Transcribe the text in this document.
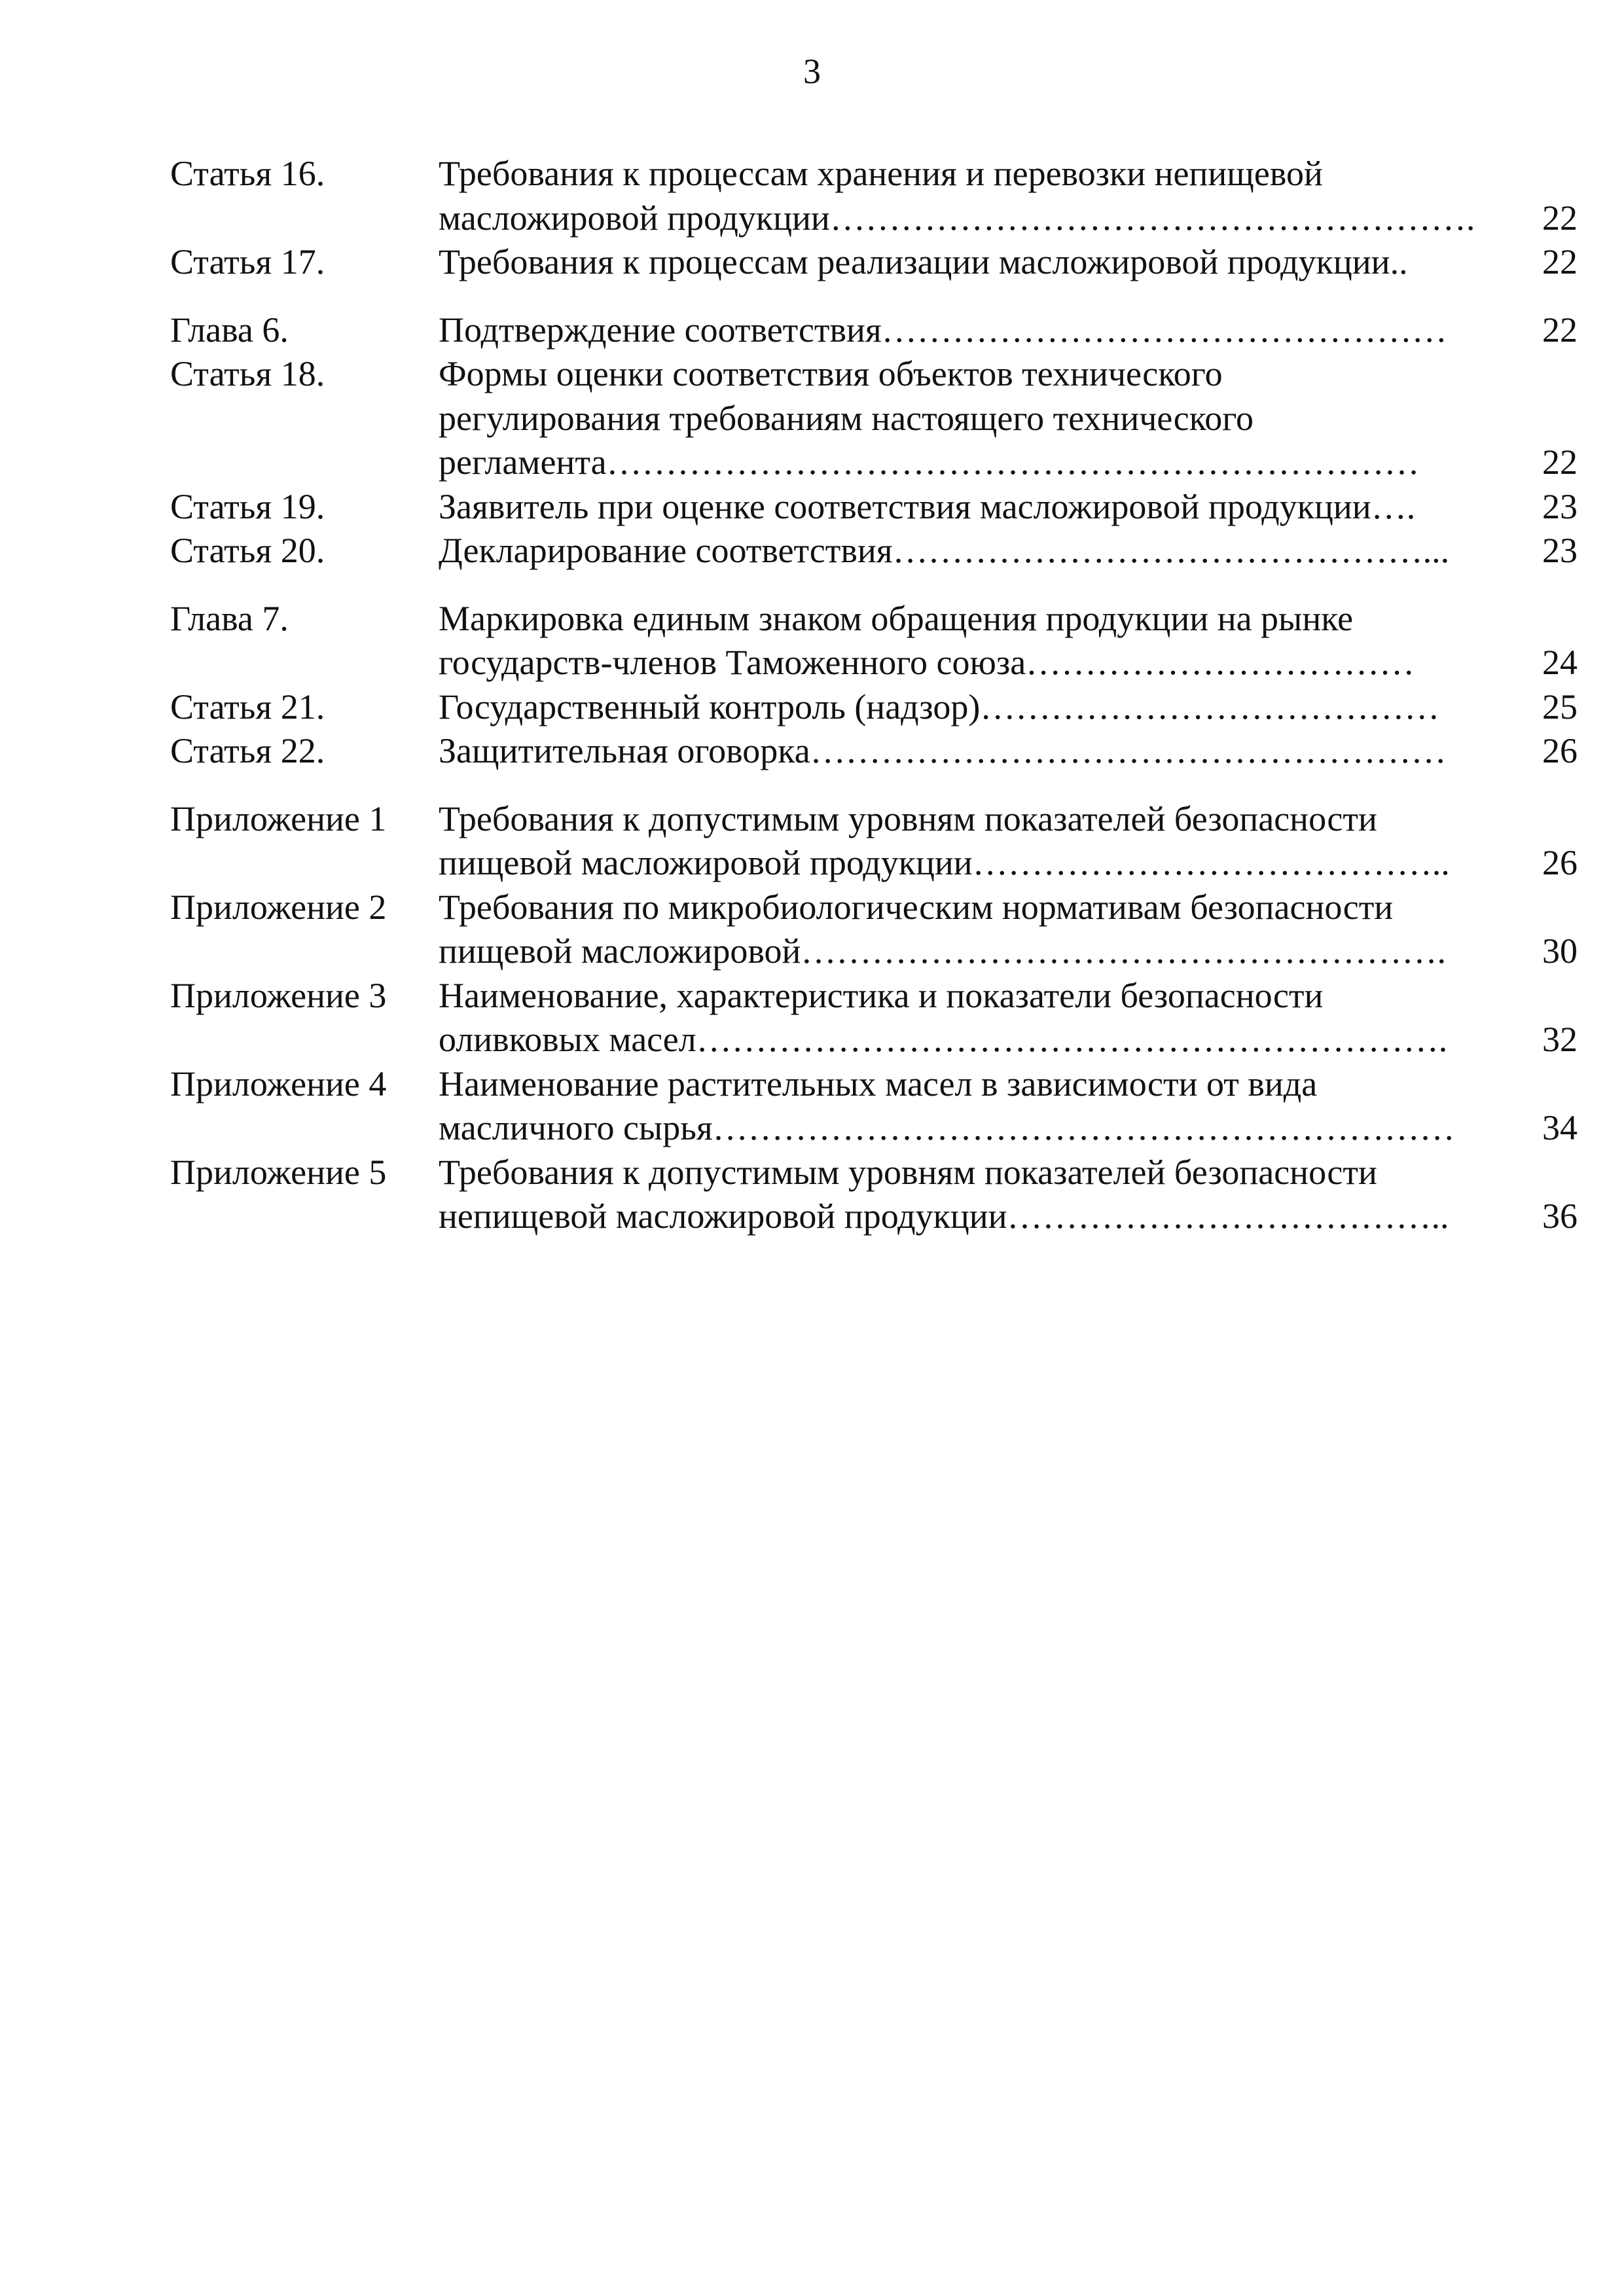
3
Статья 16.	Требования к процессам хранения и перевозки непищевой
масложировой продукции……………………………………………….	22
Статья 17.	Требования к процессам реализации масложировой продукции..	22
Глава 6.	Подтверждение соответствия…………………………………………	22
Статья 18.	Формы оценки соответствия объектов технического
регулирования требованиям настоящего технического
регламента……………………………………………………………	22
Статья 19.	Заявитель при оценке соответствия масложировой продукции….	23
Статья 20.	Декларирование соответствия………………………………………...	23
Глава 7.	Маркировка единым знаком обращения продукции на рынке
государств-членов Таможенного союза……………………………	24
Статья 21.	Государственный контроль (надзор)…………………………………	25
Статья 22.	Защитительная оговорка………………………………………………	26
Приложение 1	Требования к допустимым уровням показателей безопасности
пищевой масложировой продукции…………………………………..	26
Приложение 2	Требования по микробиологическим нормативам безопасности
пищевой масложировой……………………………………………….	30
Приложение 3	Наименование, характеристика и показатели безопасности
оливковых масел……………………………………………………….	32
Приложение 4	Наименование растительных масел в зависимости от вида
масличного сырья………………………………………………………	34
Приложение 5	Требования к допустимым уровням показателей безопасности
непищевой масложировой продукции………………………………..	36
